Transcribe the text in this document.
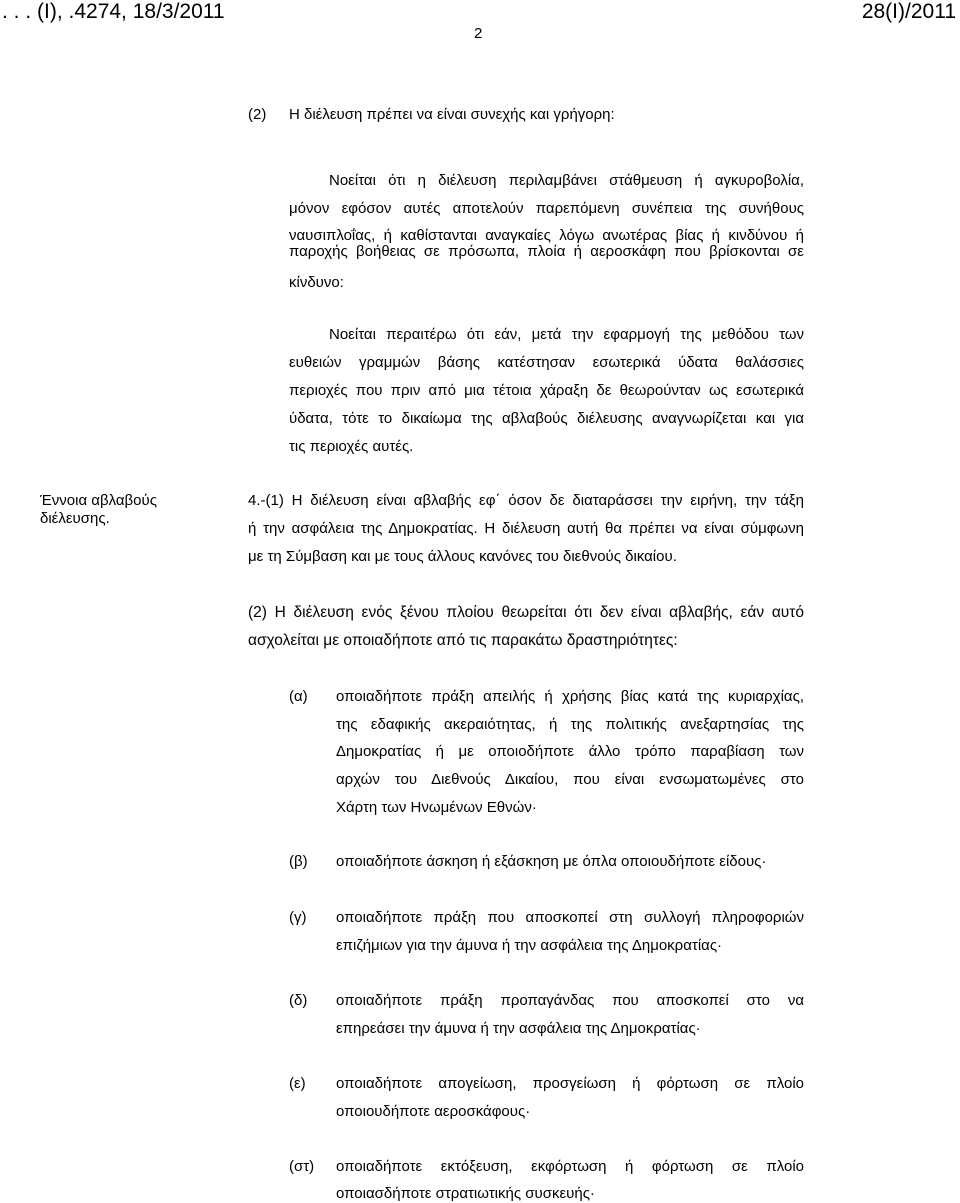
. . . (Ι), .4274, 18/3/2011	28(Ι)/2011
2
(2) Η διέλευση πρέπει να είναι συνεχής και γρήγορη:
Νοείται ότι η διέλευση περιλαμβάνει στάθμευση ή αγκυροβολία,
μόνον εφόσον αυτές αποτελούν παρεπόμενη συνέπεια της συνήθους
ναυσιπλοΐας, ή καθίστανται αναγκαίες λόγω ανωτέρας βίας ή κινδύνου ή
παροχής βοήθειας σε πρόσωπα, πλοία ή αεροσκάφη που βρίσκονται σε
κίνδυνο:
Νοείται περαιτέρω ότι εάν, μετά την εφαρμογή της μεθόδου των
ευθειών γραμμών βάσης κατέστησαν εσωτερικά ύδατα θαλάσσιες
περιοχές που πριν από μια τέτοια χάραξη δε θεωρούνταν ως εσωτερικά
ύδατα, τότε το δικαίωμα της αβλαβούς διέλευσης αναγνωρίζεται και για
τις περιοχές αυτές.
Έννοια αβλαβούς
διέλευσης.
4.-(1) Η διέλευση είναι αβλαβής εφ΄ όσον δε διαταράσσει την ειρήνη, την τάξη
ή την ασφάλεια της Δημοκρατίας. Η διέλευση αυτή θα πρέπει να είναι σύμφωνη
με τη Σύμβαση και με τους άλλους κανόνες του διεθνούς δικαίου.
(2) Η διέλευση ενός ξένου πλοίου θεωρείται ότι δεν είναι αβλαβής, εάν αυτό
ασχολείται με οποιαδήποτε από τις παρακάτω δραστηριότητες:
(α) οποιαδήποτε πράξη απειλής ή χρήσης βίας κατά της κυριαρχίας,
της εδαφικής ακεραιότητας, ή της πολιτικής ανεξαρτησίας της
Δημοκρατίας ή με οποιοδήποτε άλλο τρόπο παραβίαση των
αρχών του Διεθνούς Δικαίου, που είναι ενσωματωμένες στο
Χάρτη των Ηνωμένων Εθνών·
(β) οποιαδήποτε άσκηση ή εξάσκηση με όπλα οποιουδήποτε είδους·
(γ) οποιαδήποτε πράξη που αποσκοπεί στη συλλογή πληροφοριών
επιζήμιων για την άμυνα ή την ασφάλεια της Δημοκρατίας·
(δ) οποιαδήποτε πράξη προπαγάνδας που αποσκοπεί στο να
επηρεάσει την άμυνα ή την ασφάλεια της Δημοκρατίας·
(ε) οποιαδήποτε απογείωση, προσγείωση ή φόρτωση σε πλοίο
οποιουδήποτε αεροσκάφους·
(στ) οποιαδήποτε εκτόξευση, εκφόρτωση ή φόρτωση σε πλοίο
οποιασδήποτε στρατιωτικής συσκευής·
